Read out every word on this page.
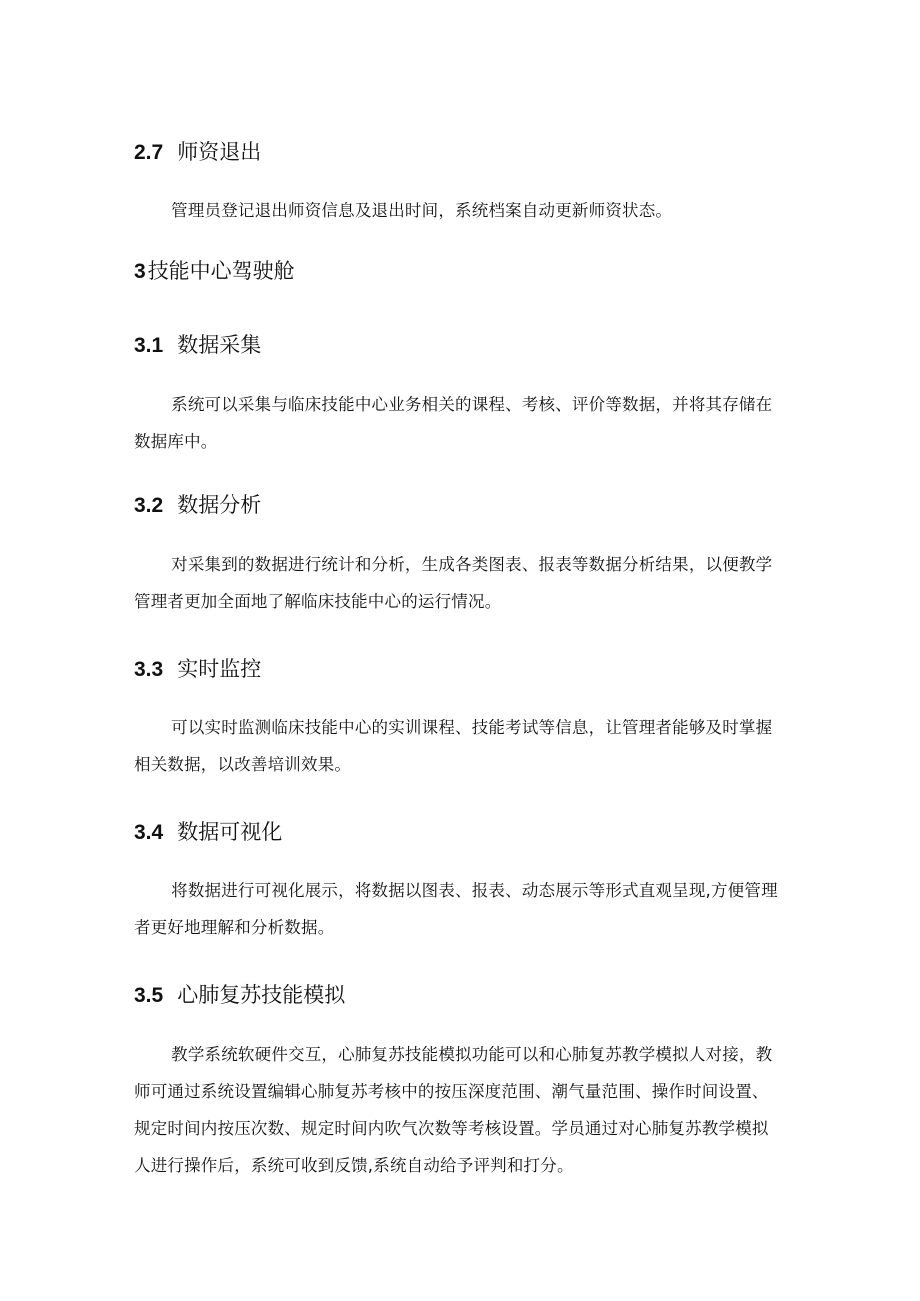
2.7 师资退出
管理员登记退出师资信息及退出时间，系统档案自动更新师资状态。
3技能中心驾驶舱
3.1 数据采集
系统可以采集与临床技能中心业务相关的课程、考核、评价等数据，并将其存储在
数据库中。
3.2 数据分析
对采集到的数据进行统计和分析，生成各类图表、报表等数据分析结果，以便教学
管理者更加全面地了解临床技能中心的运行情况。
3.3 实时监控
可以实时监测临床技能中心的实训课程、技能考试等信息，让管理者能够及时掌握
相关数据，以改善培训效果。
3.4 数据可视化
将数据进行可视化展示，将数据以图表、报表、动态展示等形式直观呈现,方便管理
者更好地理解和分析数据。
3.5 心肺复苏技能模拟
教学系统软硬件交互，心肺复苏技能模拟功能可以和心肺复苏教学模拟人对接，教
师可通过系统设置编辑心肺复苏考核中的按压深度范围、潮气量范围、操作时间设置、
规定时间内按压次数、规定时间内吹气次数等考核设置。学员通过对心肺复苏教学模拟
人进行操作后，系统可收到反馈,系统自动给予评判和打分。
